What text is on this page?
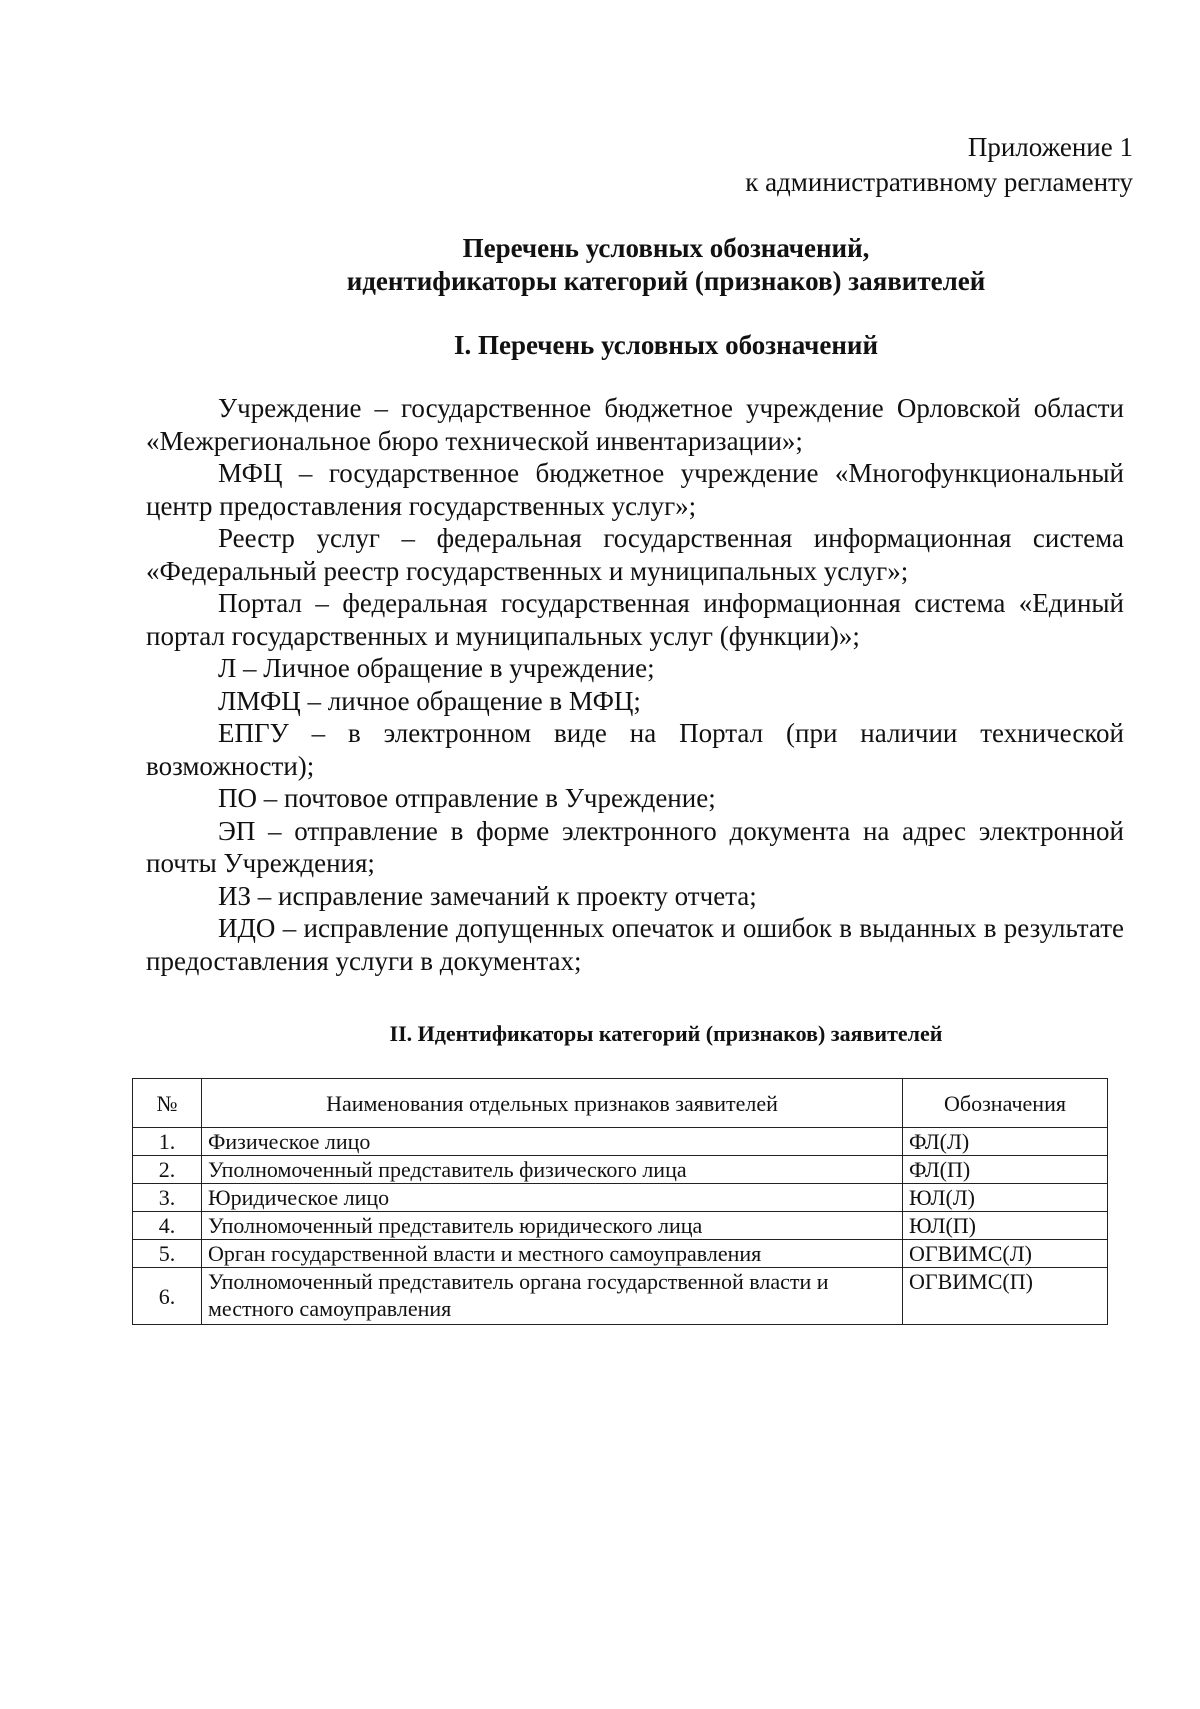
Приложение 1
к административному регламенту
Перечень условных обозначений,
идентификаторы категорий (признаков) заявителей
I. Перечень условных обозначений

Учреждение – государственное бюджетное учреждение Орловской области «Межрегиональное бюро технической инвентаризации»;

МФЦ – государственное бюджетное учреждение «Многофункциональный центр предоставления государственных услуг»;

Реестр услуг – федеральная государственная информационная система «Федеральный реестр государственных и муниципальных услуг»;

Портал – федеральная государственная информационная система «Единый портал государственных и муниципальных услуг (функции)»;

Л – Личное обращение в учреждение;

ЛМФЦ – личное обращение в МФЦ;

ЕПГУ – в электронном виде на Портал (при наличии технической возможности);

ПО – почтовое отправление в Учреждение;

ЭП – отправление в форме электронного документа на адрес электронной почты Учреждения;

ИЗ – исправление замечаний к проекту отчета;

ИДО – исправление допущенных опечаток и ошибок в выданных в результате предоставления услуги в документах;

II. Идентификаторы категорий (признаков) заявителей
№	Наименования отдельных признаков заявителей	Обозначения
1.	Физическое лицо	ФЛ(Л)
2.	Уполномоченный представитель физического лица	ФЛ(П)
3.	Юридическое лицо	ЮЛ(Л)
4.	Уполномоченный представитель юридического лица	ЮЛ(П)
5.	Орган государственной власти и местного самоуправления	ОГВИМС(Л)
6.	Уполномоченный представитель органа государственной власти и местного самоуправления	ОГВИМС(П)
